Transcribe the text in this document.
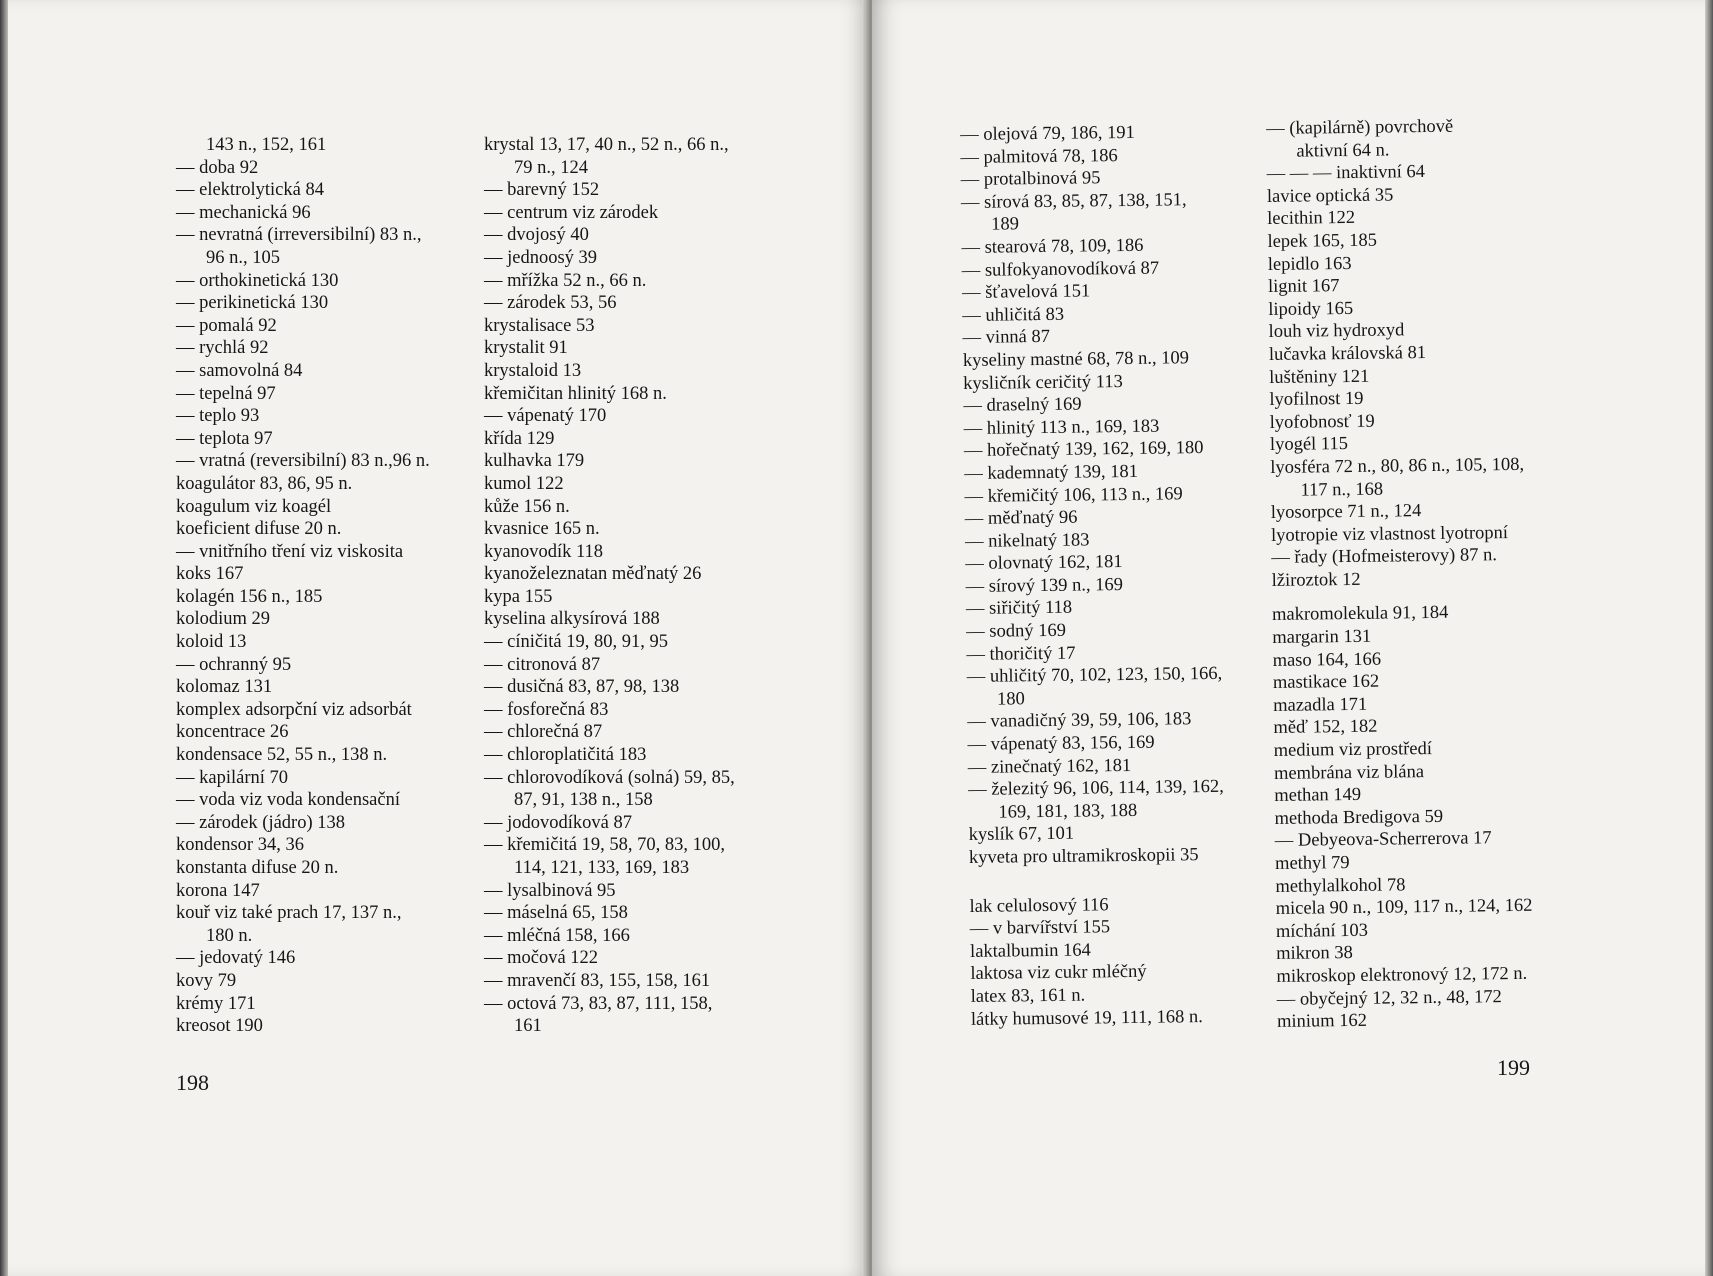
143 n., 152, 161
— doba 92
— elektrolytická 84
— mechanická 96
— nevratná (irreversibilní) 83 n.,
96 n., 105
— orthokinetická 130
— perikinetická 130
— pomalá 92
— rychlá 92
— samovolná 84
— tepelná 97
— teplo 93
— teplota 97
— vratná (reversibilní) 83 n.,96 n.
koagulátor 83, 86, 95 n.
koagulum viz koagél
koeficient difuse 20 n.
— vnitřního tření viz viskosita
koks 167
kolagén 156 n., 185
kolodium 29
koloid 13
— ochranný 95
kolomaz 131
komplex adsorpční viz adsorbát
koncentrace 26
kondensace 52, 55 n., 138 n.
— kapilární 70
— voda viz voda kondensační
— zárodek (jádro) 138
kondensor 34, 36
konstanta difuse 20 n.
korona 147
kouř viz také prach 17, 137 n.,
180 n.
— jedovatý 146
kovy 79
krémy 171
kreosot 190
krystal 13, 17, 40 n., 52 n., 66 n.,
79 n., 124
— barevný 152
— centrum viz zárodek
— dvojosý 40
— jednoosý 39
— mřížka 52 n., 66 n.
— zárodek 53, 56
krystalisace 53
krystalit 91
krystaloid 13
křemičitan hlinitý 168 n.
— vápenatý 170
křída 129
kulhavka 179
kumol 122
kůže 156 n.
kvasnice 165 n.
kyanovodík 118
kyanoželeznatan měďnatý 26
kypa 155
kyselina alkysírová 188
— cíničitá 19, 80, 91, 95
— citronová 87
— dusičná 83, 87, 98, 138
— fosforečná 83
— chlorečná 87
— chloroplatičitá 183
— chlorovodíková (solná) 59, 85,
87, 91, 138 n., 158
— jodovodíková 87
— křemičitá 19, 58, 70, 83, 100,
114, 121, 133, 169, 183
— lysalbinová 95
— máselná 65, 158
— mléčná 158, 166
— močová 122
— mravenčí 83, 155, 158, 161
— octová 73, 83, 87, 111, 158,
161
198
— olejová 79, 186, 191
— palmitová 78, 186
— protalbinová 95
— sírová 83, 85, 87, 138, 151,
189
— stearová 78, 109, 186
— sulfokyanovodíková 87
— šťavelová 151
— uhličitá 83
— vinná 87
kyseliny mastné 68, 78 n., 109
kysličník ceričitý 113
— draselný 169
— hlinitý 113 n., 169, 183
— hořečnatý 139, 162, 169, 180
— kademnatý 139, 181
— křemičitý 106, 113 n., 169
— měďnatý 96
— nikelnatý 183
— olovnatý 162, 181
— sírový 139 n., 169
— siřičitý 118
— sodný 169
— thoričitý 17
— uhličitý 70, 102, 123, 150, 166,
180
— vanadičný 39, 59, 106, 183
— vápenatý 83, 156, 169
— zinečnatý 162, 181
— železitý 96, 106, 114, 139, 162,
169, 181, 183, 188
kyslík 67, 101
kyveta pro ultramikroskopii 35
lak celulosový 116
— v barvířství 155
laktalbumin 164
laktosa viz cukr mléčný
latex 83, 161 n.
látky humusové 19, 111, 168 n.
— (kapilárně) povrchově
aktivní 64 n.
— — — inaktivní 64
lavice optická 35
lecithin 122
lepek 165, 185
lepidlo 163
lignit 167
lipoidy 165
louh viz hydroxyd
lučavka královská 81
luštěniny 121
lyofilnost 19
lyofobnosť 19
lyogél 115
lyosféra 72 n., 80, 86 n., 105, 108,
117 n., 168
lyosorpce 71 n., 124
lyotropie viz vlastnost lyotropní
— řady (Hofmeisterovy) 87 n.
lžiroztok 12
makromolekula 91, 184
margarin 131
maso 164, 166
mastikace 162
mazadla 171
měď 152, 182
medium viz prostředí
membrána viz blána
methan 149
methoda Bredigova 59
— Debyeova-Scherrerova 17
methyl 79
methylalkohol 78
micela 90 n., 109, 117 n., 124, 162
míchání 103
mikron 38
mikroskop elektronový 12, 172 n.
— obyčejný 12, 32 n., 48, 172
minium 162
199
